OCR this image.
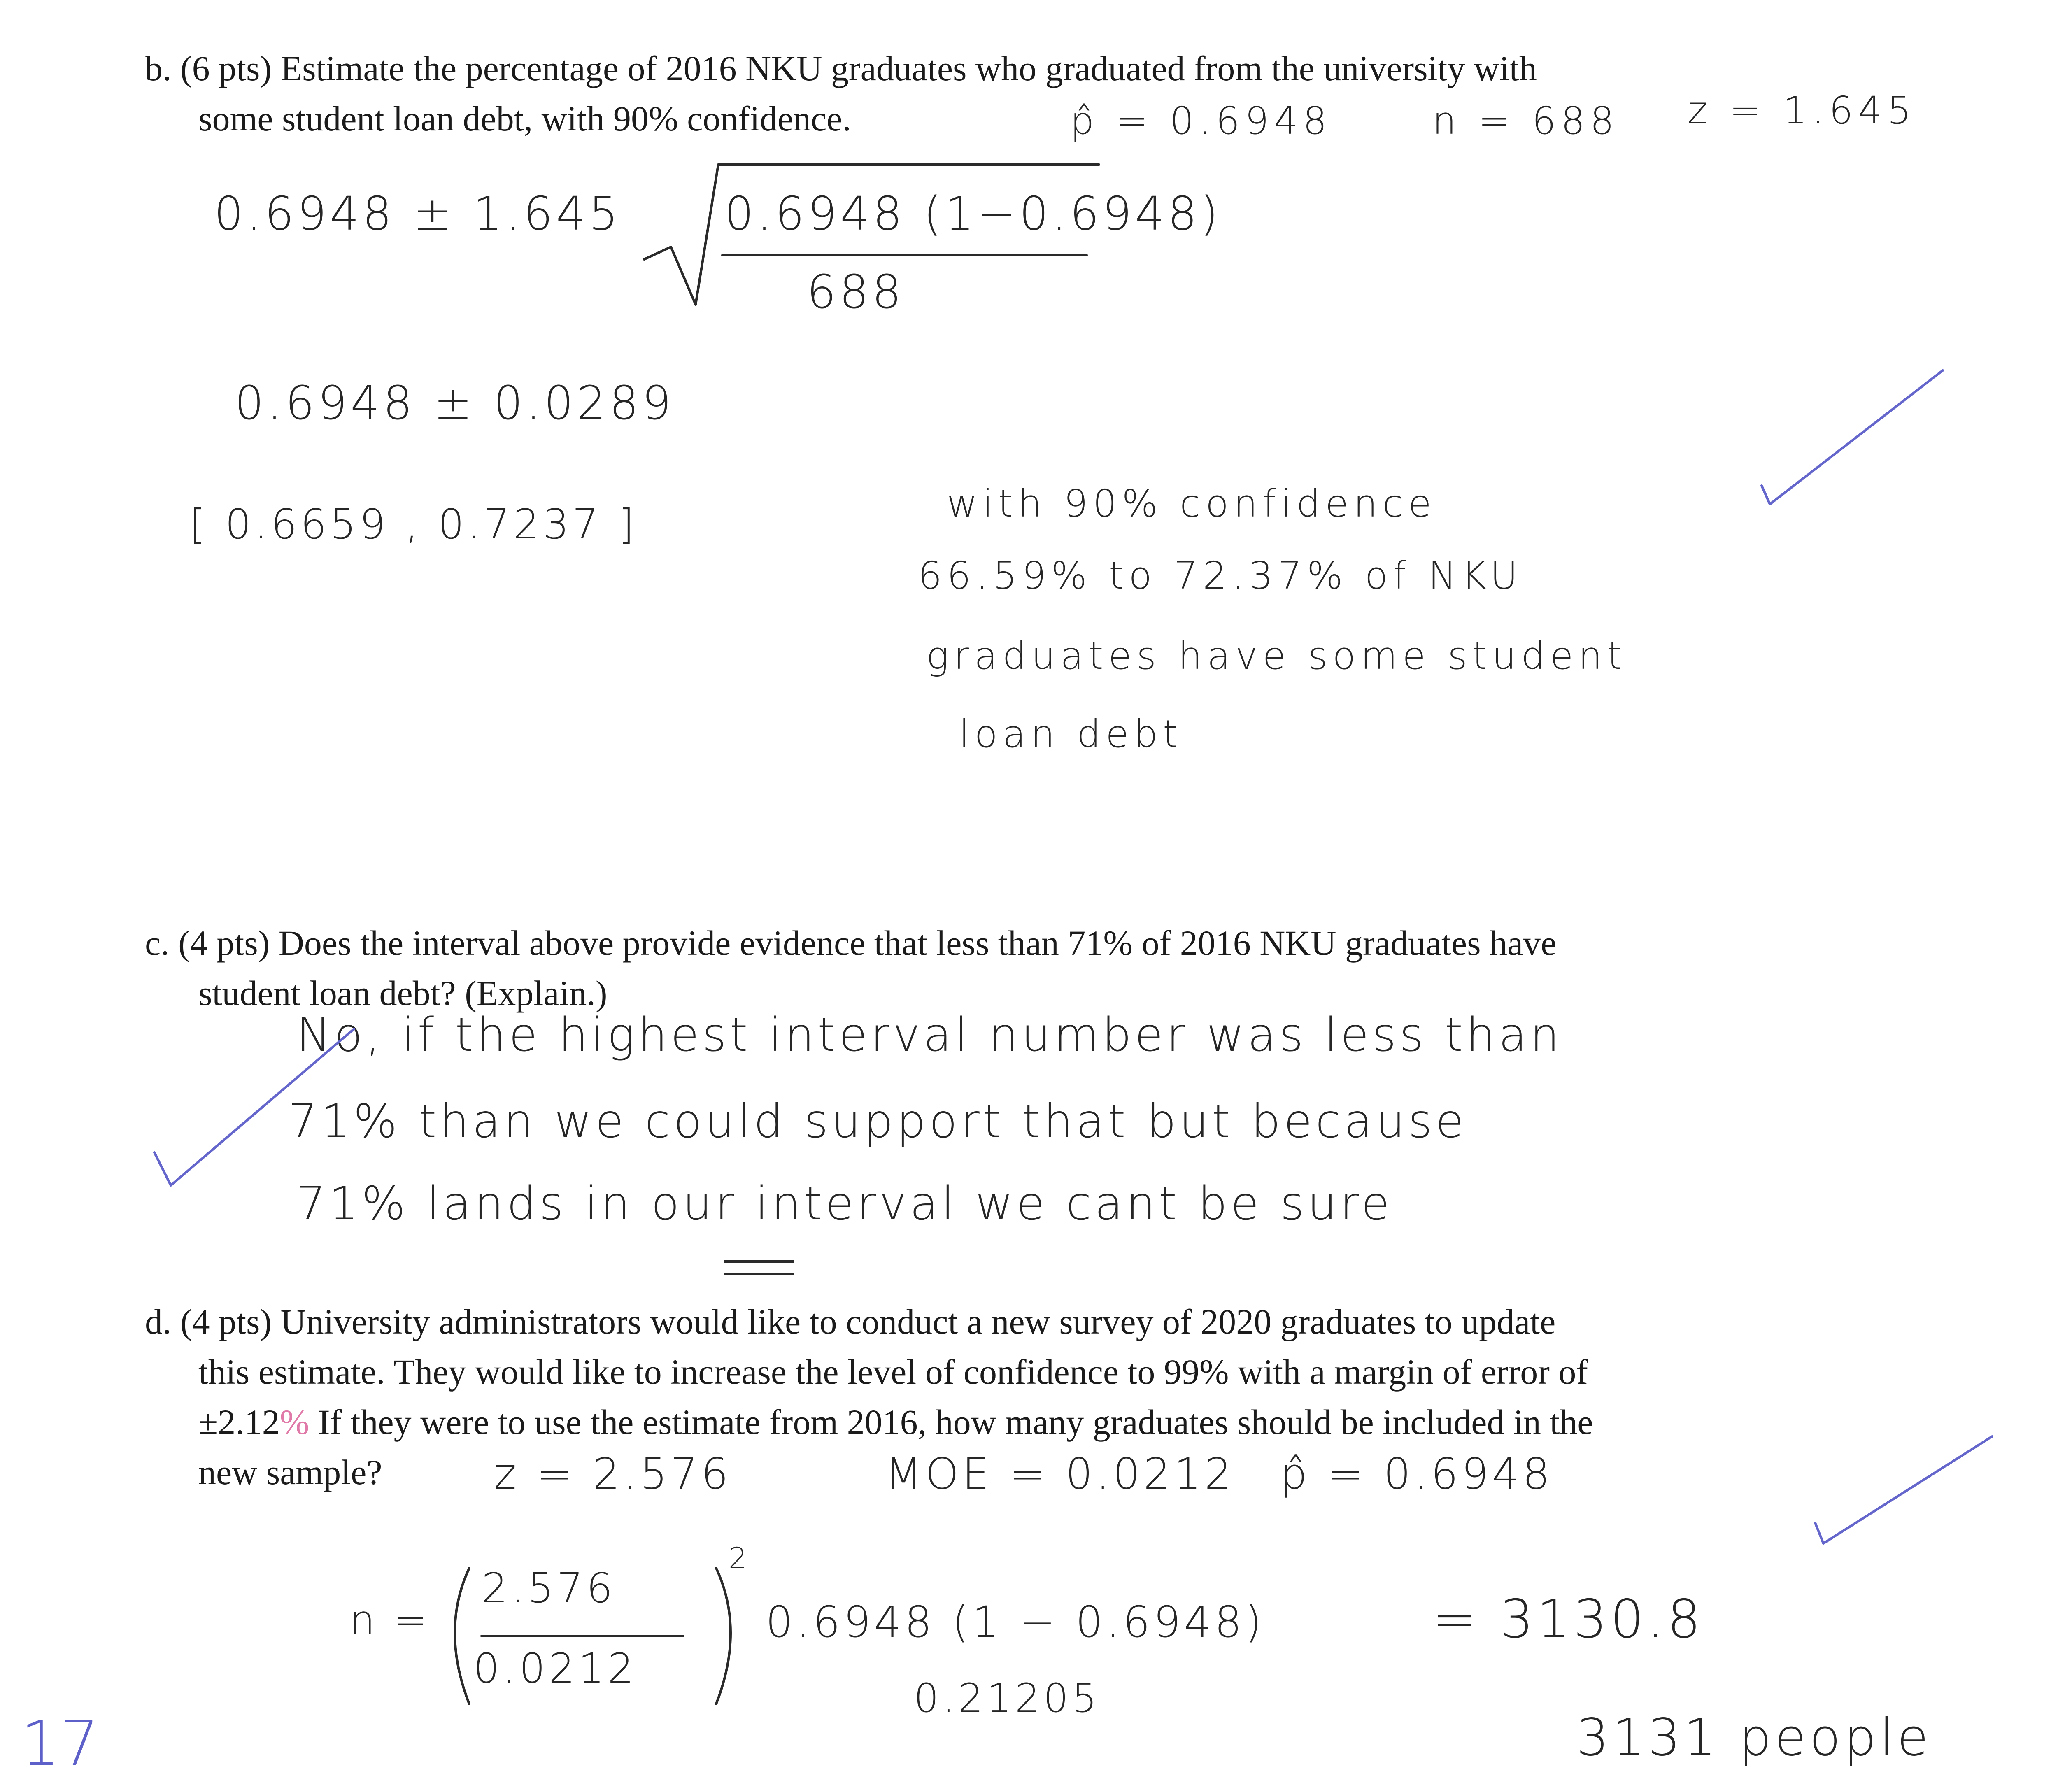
b. (6 pts) Estimate the percentage of 2016 NKU graduates who graduated from the university with
some student loan debt, with 90% confidence.	p̂ = 0.6948	n = 688 z = 1.645
0.6948 ± 1.645 0.6948 (1−0.6948)
688
0.6948 ± 0.0289
[ 0.6659 , 0.7237 ]	with 90% confidence
66.59% to 72.37% of NKU
graduates have some student
loan debt
c. (4 pts) Does the interval above provide evidence that less than 71% of 2016 NKU graduates have
student loan debt? (Explain.)
No, if the highest interval number was less than
71% than we could support that but because
71% lands in our interval we cant be sure
d. (4 pts) University administrators would like to conduct a new survey of 2020 graduates to update
this estimate. They would like to increase the level of confidence to 99% with a margin of error of
±2.12% If they were to use the estimate from 2016, how many graduates should be included in the
new sample?	z = 2.576	MOE = 0.0212 p̂ = 0.6948
n =
2.576
0.0212
2
0.6948 (1 − 0.6948)
0.21205
= 3130.8
3131 people
17
